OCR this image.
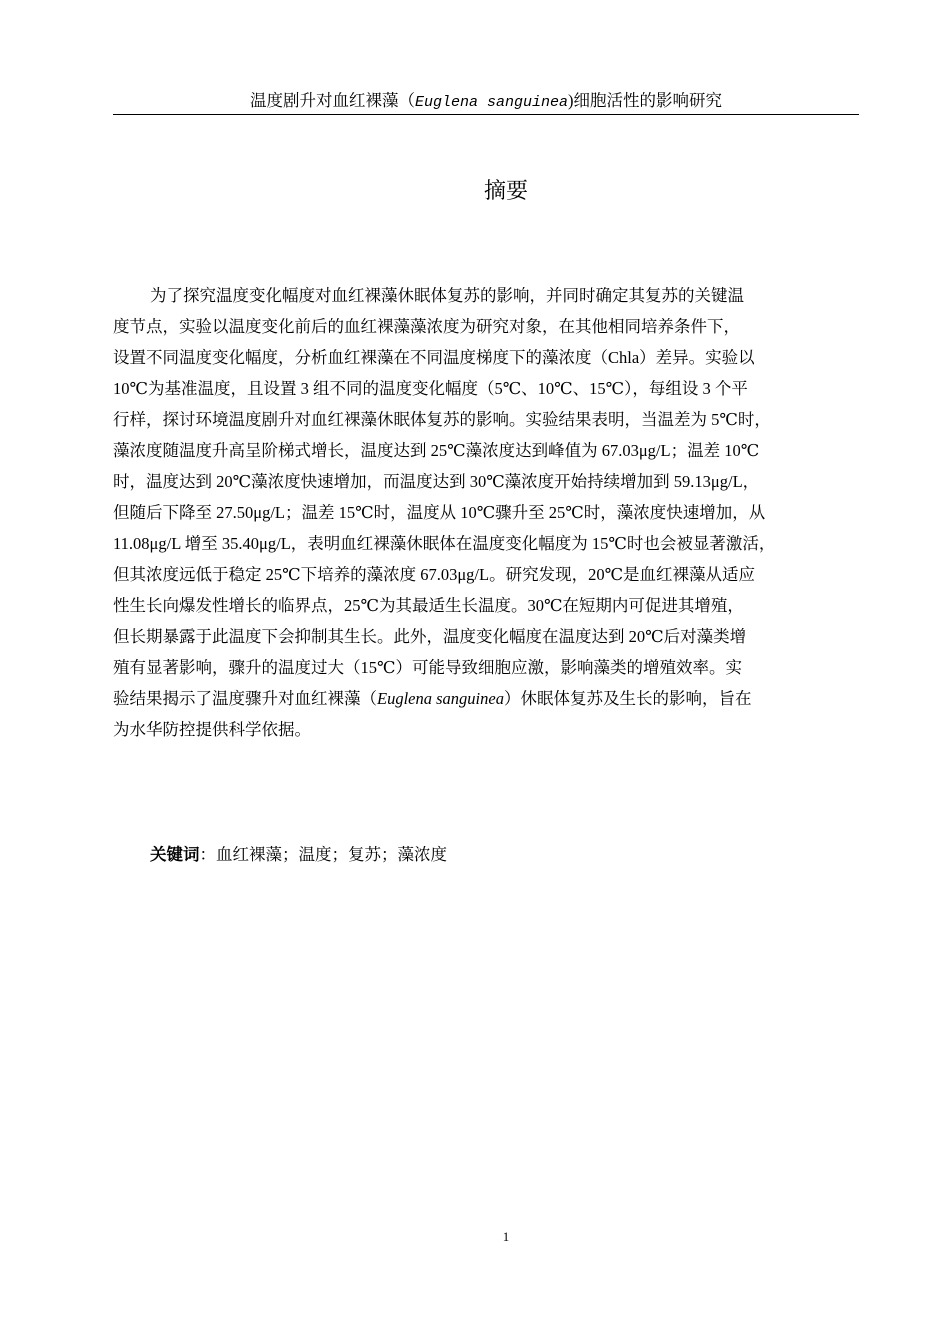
温度剧升对血红裸藻（Euglena sanguinea)细胞活性的影响研究
摘要
为了探究温度变化幅度对血红裸藻休眠体复苏的影响，并同时确定其复苏的关键温
度节点，实验以温度变化前后的血红裸藻藻浓度为研究对象，在其他相同培养条件下，
设置不同温度变化幅度，分析血红裸藻在不同温度梯度下的藻浓度（Chla）差异。实验以
10℃为基准温度，且设置 3 组不同的温度变化幅度（5℃、10℃、15℃），每组设 3 个平
行样，探讨环境温度剧升对血红裸藻休眠体复苏的影响。实验结果表明，当温差为 5℃时，
藻浓度随温度升高呈阶梯式增长，温度达到 25℃藻浓度达到峰值为 67.03μg/L；温差 10℃
时，温度达到 20℃藻浓度快速增加，而温度达到 30℃藻浓度开始持续增加到 59.13μg/L，
但随后下降至 27.50μg/L；温差 15℃时，温度从 10℃骤升至 25℃时，藻浓度快速增加，从
11.08μg/L 增至 35.40μg/L，表明血红裸藻休眠体在温度变化幅度为 15℃时也会被显著激活，
但其浓度远低于稳定 25℃下培养的藻浓度 67.03μg/L。研究发现，20℃是血红裸藻从适应
性生长向爆发性增长的临界点，25℃为其最适生长温度。30℃在短期内可促进其增殖，
但长期暴露于此温度下会抑制其生长。此外，温度变化幅度在温度达到 20℃后对藻类增
殖有显著影响，骤升的温度过大（15℃）可能导致细胞应激，影响藻类的增殖效率。实
验结果揭示了温度骤升对血红裸藻（Euglena sanguinea）休眠体复苏及生长的影响，旨在
为水华防控提供科学依据。
关键词：血红裸藻；温度；复苏；藻浓度
1
